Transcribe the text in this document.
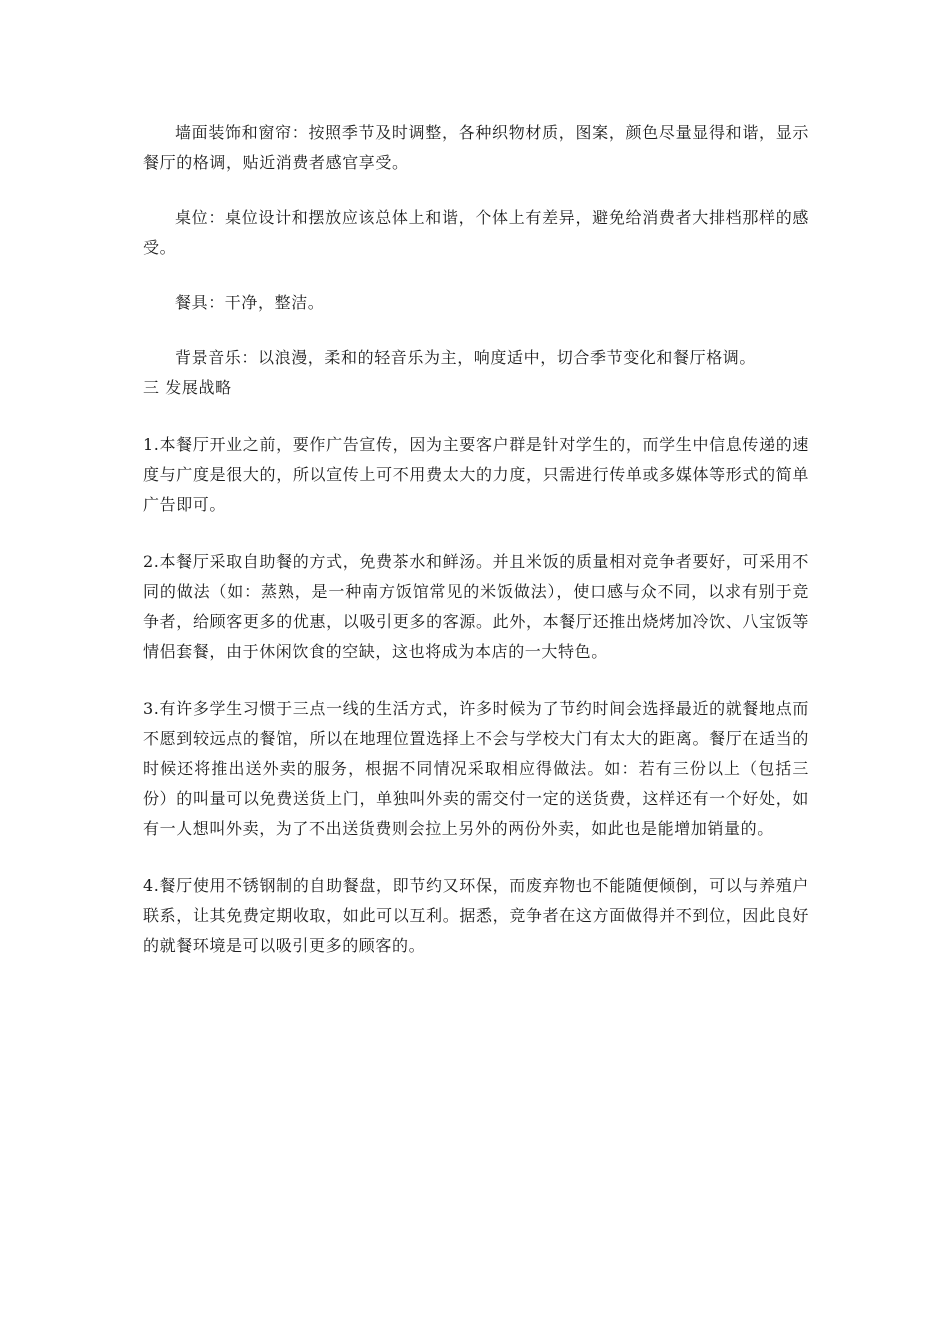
墙面装饰和窗帘：按照季节及时调整，各种织物材质，图案，颜色尽量显得和谐，显示餐厅的格调，贴近消费者感官享受。

桌位：桌位设计和摆放应该总体上和谐，个体上有差异，避免给消费者大排档那样的感受。

餐具：干净，整洁。

背景音乐：以浪漫，柔和的轻音乐为主，响度适中，切合季节变化和餐厅格调。

三 发展战略

1.本餐厅开业之前，要作广告宣传，因为主要客户群是针对学生的，而学生中信息传递的速度与广度是很大的，所以宣传上可不用费太大的力度，只需进行传单或多媒体等形式的简单广告即可。

2.本餐厅采取自助餐的方式，免费茶水和鲜汤。并且米饭的质量相对竞争者要好，可采用不同的做法（如：蒸熟，是一种南方饭馆常见的米饭做法），使口感与众不同，以求有别于竞争者，给顾客更多的优惠，以吸引更多的客源。此外，本餐厅还推出烧烤加冷饮、八宝饭等情侣套餐，由于休闲饮食的空缺，这也将成为本店的一大特色。

3.有许多学生习惯于三点一线的生活方式，许多时候为了节约时间会选择最近的就餐地点而不愿到较远点的餐馆，所以在地理位置选择上不会与学校大门有太大的距离。餐厅在适当的时候还将推出送外卖的服务，根据不同情况采取相应得做法。如：若有三份以上（包括三份）的叫量可以免费送货上门，单独叫外卖的需交付一定的送货费，这样还有一个好处，如有一人想叫外卖，为了不出送货费则会拉上另外的两份外卖，如此也是能增加销量的。

4.餐厅使用不锈钢制的自助餐盘，即节约又环保，而废弃物也不能随便倾倒，可以与养殖户联系，让其免费定期收取，如此可以互利。据悉，竞争者在这方面做得并不到位，因此良好的就餐环境是可以吸引更多的顾客的。
